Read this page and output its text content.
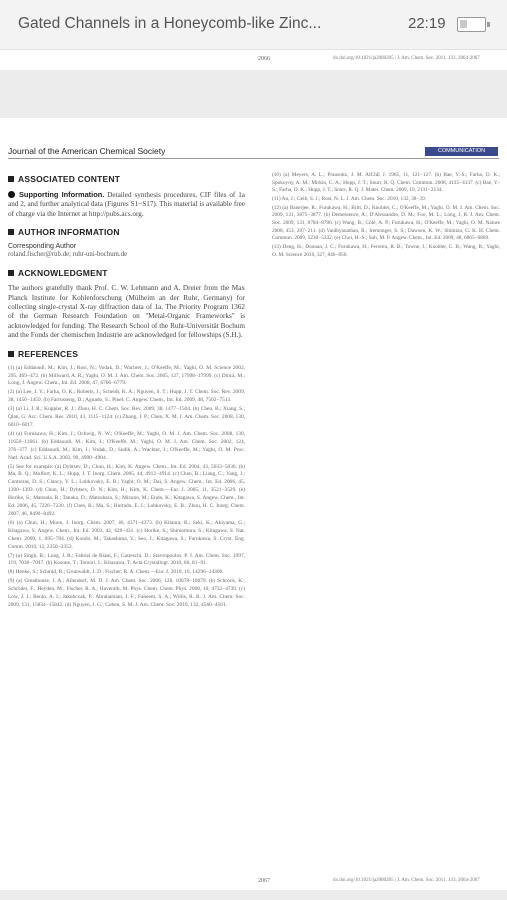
Gated Channels in a Honeycomb-like Zinc...	22:19
2066	dx.doi.org/10.1021/ja2080205 | J. Am. Chem. Soc. 2011, 133, 2064-2067
Journal of the American Chemical Society	COMMUNICATION
ASSOCIATED CONTENT
Supporting Information. Detailed synthesis procedures, CIF files of 1a and 2, and further analytical data (Figures S1−S17). This material is available free of charge via the Internet at http://pubs.acs.org.
AUTHOR INFORMATION
Corresponding Author
roland.fischer@rub.de; ruhr-uni-bochum.de
ACKNOWLEDGMENT
The authors gratefully thank Prof. C. W. Lehmann and A. Dreier from the Max Planck Institute for Kohlenforschung (Mülheim an der Ruhr, Germany) for collecting single-crystal X-ray diffraction data of 1a. The Priority Program 1362 of the German Research Foundation on "Metal-Organic Frameworks" is acknowledged for funding. The Research School of the Ruhr-Universität Bochum and the Fonds der chemischen Industrie are acknowledged for fellowships (S.H.).
REFERENCES
(1) (a) Eddaoudi, M.; Kim, J.; Rosi, N.; Vodak, D.; Wachter, J.; O'Keeffe, M.; Yaghi, O. M. Science 2002, 295, 469−472. (b) Millward, A. R.; Yaghi, O. M. J. Am. Chem. Soc. 2005, 127, 17998−17999. (c) Dincă, M.; Long, J. Angew. Chem., Int. Ed. 2008, 47, 6766−6779.
(2) (a) Lee, J. Y.; Farha, O. K.; Roberts, J.; Scheidt, K. A.; Nguyen, S. T.; Hupp, J. T. Chem. Soc. Rev. 2009, 38, 1450−1459. (b) Farrusseng, D.; Aguado, S.; Pinel, C. Angew. Chem., Int. Ed. 2009, 48, 7502−7513.
(3) (a) Li, J. R.; Kuppler, R. J.; Zhou, H. C. Chem. Soc. Rev. 2009, 38, 1477−1504. (b) Chen, B.; Xiang, S.; Qian, G. Acc. Chem. Res. 2010, 43, 1115−1124. (c) Zhang, J. P.; Chen, X. M. J. Am. Chem. Soc. 2008, 130, 6010−6017.
(4) (a) Furukawa, H.; Kim, J.; Ockwig, N. W.; O'Keeffe, M.; Yaghi, O. M. J. Am. Chem. Soc. 2008, 130, 11650−11661. (b) Eddaoudi, M.; Kim, J.; O'Keeffe, M.; Yaghi, O. M. J. Am. Chem. Soc. 2002, 124, 376−377. (c) Eddaoudi, M.; Kim, J.; Vodak, D.; Sudik, A.; Wachter, J.; O'Keeffe, M.; Yaghi, O. M. Proc. Natl. Acad. Sci. U.S.A. 2002, 99, 4900−4904.
(5) See for example: (a) Dybtsev, D.; Chun, H.; Kim, K. Angew. Chem., Int. Ed. 2004, 43, 5033−5036. (b) Ma, B. Q.; Mulfort, K. L.; Hupp, J. T. Inorg. Chem. 2005, 44, 4912−4914. (c) Chen, B.; Liang, C.; Yang, J.; Contreras, D. S.; Clancy, Y. L.; Lobkovsky, E. B.; Yaghi, O. M.; Dai, S. Angew. Chem., Int. Ed. 2006, 45, 1390−1393. (d) Chun, H.; Dybtsev, D. N.; Kim, H.; Kim, K. Chem.—Eur. J. 2005, 11, 3521−3529. (e) Horike, S.; Matsuda, R.; Tanaka, D.; Matsubara, S.; Mizuno, M.; Endo, K.; Kitagawa, S. Angew. Chem., Int. Ed. 2006, 45, 7226−7230. (f) Chen, B.; Ma, S.; Hurtado, E. J.; Lobkovsky, E. B.; Zhou, H. C. Inorg. Chem. 2007, 46, 8490−8492.
(6) (a) Chun, H.; Moon, J. Inorg. Chem. 2007, 46, 4371−4373. (b) Kitaura, R.; Seki, K.; Akiyama, G.; Kitagawa, S. Angew. Chem., Int. Ed. 2003, 42, 428−431. (c) Horike, S.; Shimomura, S.; Kitagawa, S. Nat. Chem. 2009, 1, 695−704. (d) Kondo, M.; Takashima, Y.; Seo, J.; Kitagawa, S.; Furukawa, S. Cryst. Eng. Comm. 2010, 12, 2350−2353.
(7) (a) Singh, B.; Long, J. R.; Fabrizi de Biani, F.; Gatteschi, D.; Stavropoulos, P. J. Am. Chem. Soc. 1997, 119, 7030−7047. (b) Kosone, T.; Tomori, I.; Kitazawa, T. Acta Crystallogr. 2010, 66, 81−91.
(8) Henke, S.; Schmid, R.; Grunwaldt, J. D.; Fischer, R. A. Chem.—Eur. J. 2010, 16, 14296−14306.
(9) (a) Greathouse, J. A.; Allendorf, M. D. J. Am. Chem. Soc. 2006, 128, 10678−10679. (b) Schröck, K.; Schröder, F.; Heyden, M.; Fischer, R. A.; Havenith, M. Phys. Chem. Chem. Phys. 2008, 10, 4732−4739. (c) Low, J. J.; Benin, A. I.; Jakubczak, P.; Abrahamian, J. F.; Faheem, S. A.; Willis, R. R. J. Am. Chem. Soc. 2009, 131, 15834−15842. (d) Nguyen, J. G.; Cohen, S. M. J. Am. Chem. Soc. 2010, 132, 4560−4561.
(10) (a) Meyers, A. L.; Prausnitz, J. M. AIChE J. 1965, 11, 121−127. (b) Bae, Y.-S.; Farha, O. K.; Spokoyny, A. M.; Mirkin, C. A.; Hupp, J. T.; Snurr, R. Q. Chem. Commun. 2008, 4135−4137. (c) Bae, Y.-S.; Farha, O. K.; Hupp, J. T.; Snurr, R. Q. J. Mater. Chem. 2009, 19, 2131−2134.
(11) An, J.; Geib, S. J.; Rosi, N. L. J. Am. Chem. Soc. 2010, 132, 38−39.
(12) (a) Banerjee, R.; Furukawa, H.; Britt, D.; Knobler, C.; O'Keeffe, M.; Yaghi, O. M. J. Am. Chem. Soc. 2009, 131, 3875−3877. (b) Demessence, A.; D'Alessandro, D. M.; Foo, M. L.; Long, J. R. J. Am. Chem. Soc. 2009, 131, 8784−8786. (c) Wang, B.; Côté, A. P.; Furukawa, H.; O'Keeffe, M.; Yaghi, O. M. Nature 2008, 453, 207−211. (d) Vaidhyanathan, R.; Iremonger, S. S.; Dawson, K. W.; Shimizu, G. K. H. Chem. Commun. 2009, 5230−5232. (e) Choi, H.-S.; Suh, M. P. Angew. Chem., Int. Ed. 2009, 48, 6865−6869.
(13) Deng, H.; Doonan, J. C.; Furukawa, H.; Ferreira, R. B.; Towne, J.; Knobler, C. B.; Wang, B.; Yaghi, O. M. Science 2010, 327, 846−850.
2067	dx.doi.org/10.1021/ja2080205 | J. Am. Chem. Soc. 2011, 133, 2064-2067
